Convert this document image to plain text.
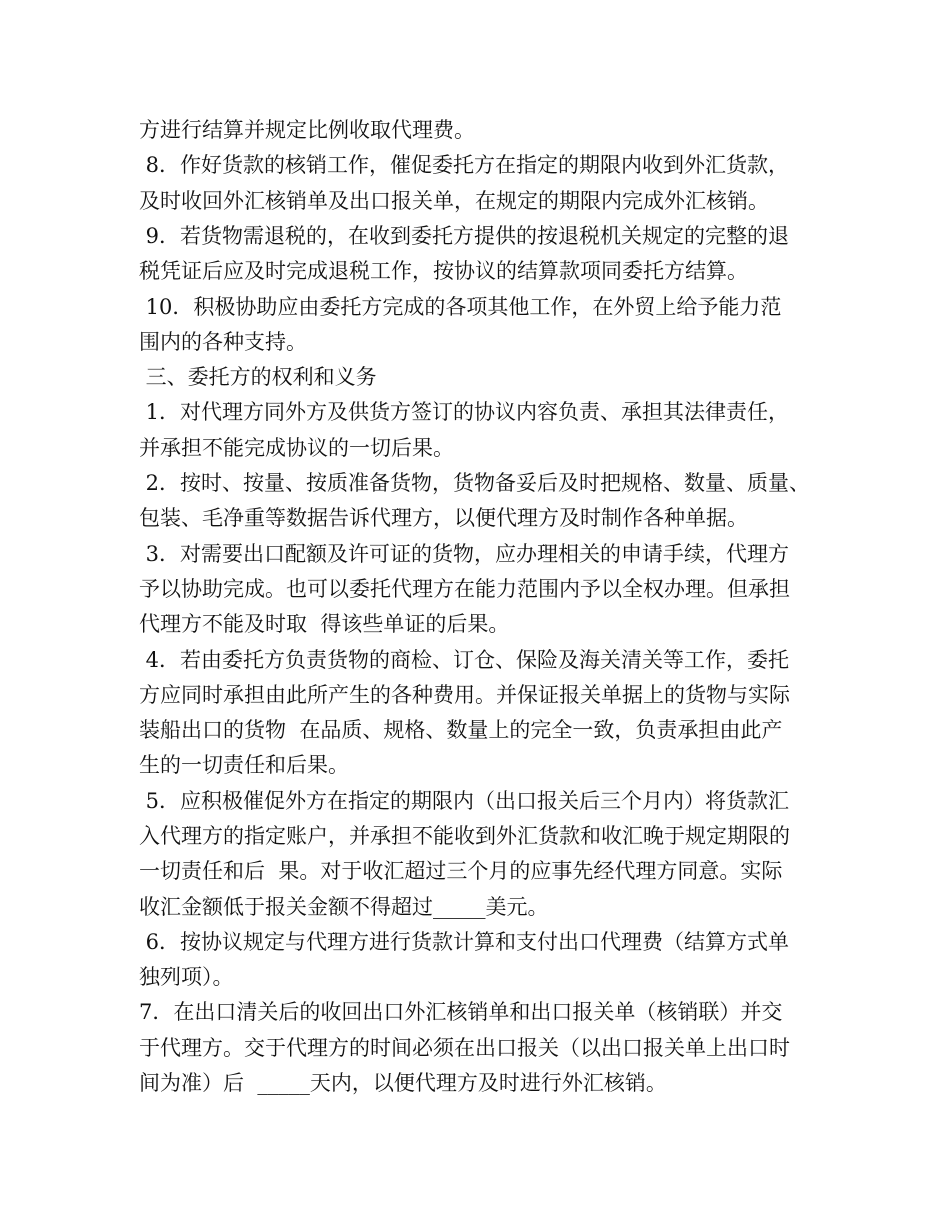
方进行结算并规定比例收取代理费。
8．作好货款的核销工作，催促委托方在指定的期限内收到外汇货款，
及时收回外汇核销单及出口报关单，在规定的期限内完成外汇核销。
9．若货物需退税的，在收到委托方提供的按退税机关规定的完整的退
税凭证后应及时完成退税工作，按协议的结算款项同委托方结算。
10．积极协助应由委托方完成的各项其他工作，在外贸上给予能力范
围内的各种支持。
三、委托方的权利和义务
1．对代理方同外方及供货方签订的协议内容负责、承担其法律责任，
并承担不能完成协议的一切后果。
2．按时、按量、按质准备货物，货物备妥后及时把规格、数量、质量、
包装、毛净重等数据告诉代理方，以便代理方及时制作各种单据。
3．对需要出口配额及许可证的货物，应办理相关的申请手续，代理方
予以协助完成。也可以委托代理方在能力范围内予以全权办理。但承担
代理方不能及时取  得该些单证的后果。
4．若由委托方负责货物的商检、订仓、保险及海关清关等工作，委托
方应同时承担由此所产生的各种费用。并保证报关单据上的货物与实际
装船出口的货物  在品质、规格、数量上的完全一致，负责承担由此产
生的一切责任和后果。
5．应积极催促外方在指定的期限内（出口报关后三个月内）将货款汇
入代理方的指定账户，并承担不能收到外汇货款和收汇晚于规定期限的
一切责任和后  果。对于收汇超过三个月的应事先经代理方同意。实际
收汇金额低于报关金额不得超过_____美元。
6．按协议规定与代理方进行货款计算和支付出口代理费（结算方式单
独列项）。
7．在出口清关后的收回出口外汇核销单和出口报关单（核销联）并交
于代理方。交于代理方的时间必须在出口报关（以出口报关单上出口时
间为准）后  _____天内，以便代理方及时进行外汇核销。
